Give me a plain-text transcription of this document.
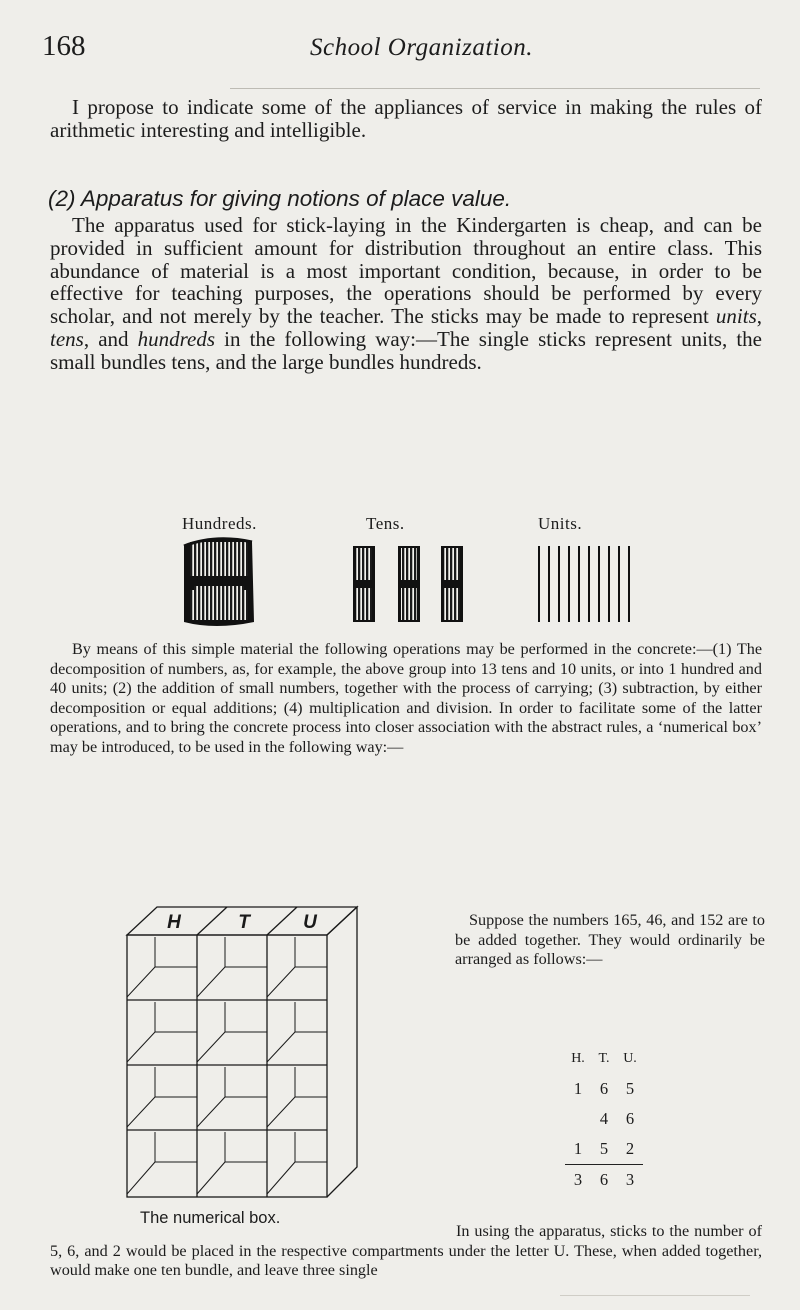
168	School Organization.

I propose to indicate some of the appliances of service in making the rules of arithmetic interesting and intelligible.

(2) Apparatus for giving notions of place value.

The apparatus used for stick-laying in the Kindergarten is cheap, and can be provided in sufficient amount for distribution throughout an entire class. This abundance of material is a most important condition, because, in order to be effective for teaching purposes, the operations should be performed by every scholar, and not merely by the teacher. The sticks may be made to represent units, tens, and hundreds in the following way:—The single sticks represent units, the small bundles tens, and the large bundles hundreds.

Hundreds.	Tens.	Units.

By means of this simple material the following operations may be performed in the concrete:—(1) The decomposition of numbers, as, for example, the above group into 13 tens and 10 units, or into 1 hundred and 40 units; (2) the addition of small numbers, together with the process of carrying; (3) subtraction, by either decomposition or equal additions; (4) multiplication and division. In order to facilitate some of the latter operations, and to bring the concrete process into closer association with the abstract rules, a ‘numerical box’ may be introduced, to be used in the following way:—

H	T	U
The numerical box.

Suppose the numbers 165, 46, and 152 are to be added together. They would ordinarily be arranged as follows:—

H.	T.	U.
1	6	5
	4	6
1	5	2
3	6	3

In using the apparatus, sticks to the number of 5, 6, and 2 would be placed in the respective compartments under the letter U. These, when added together, would make one ten bundle, and leave three single
